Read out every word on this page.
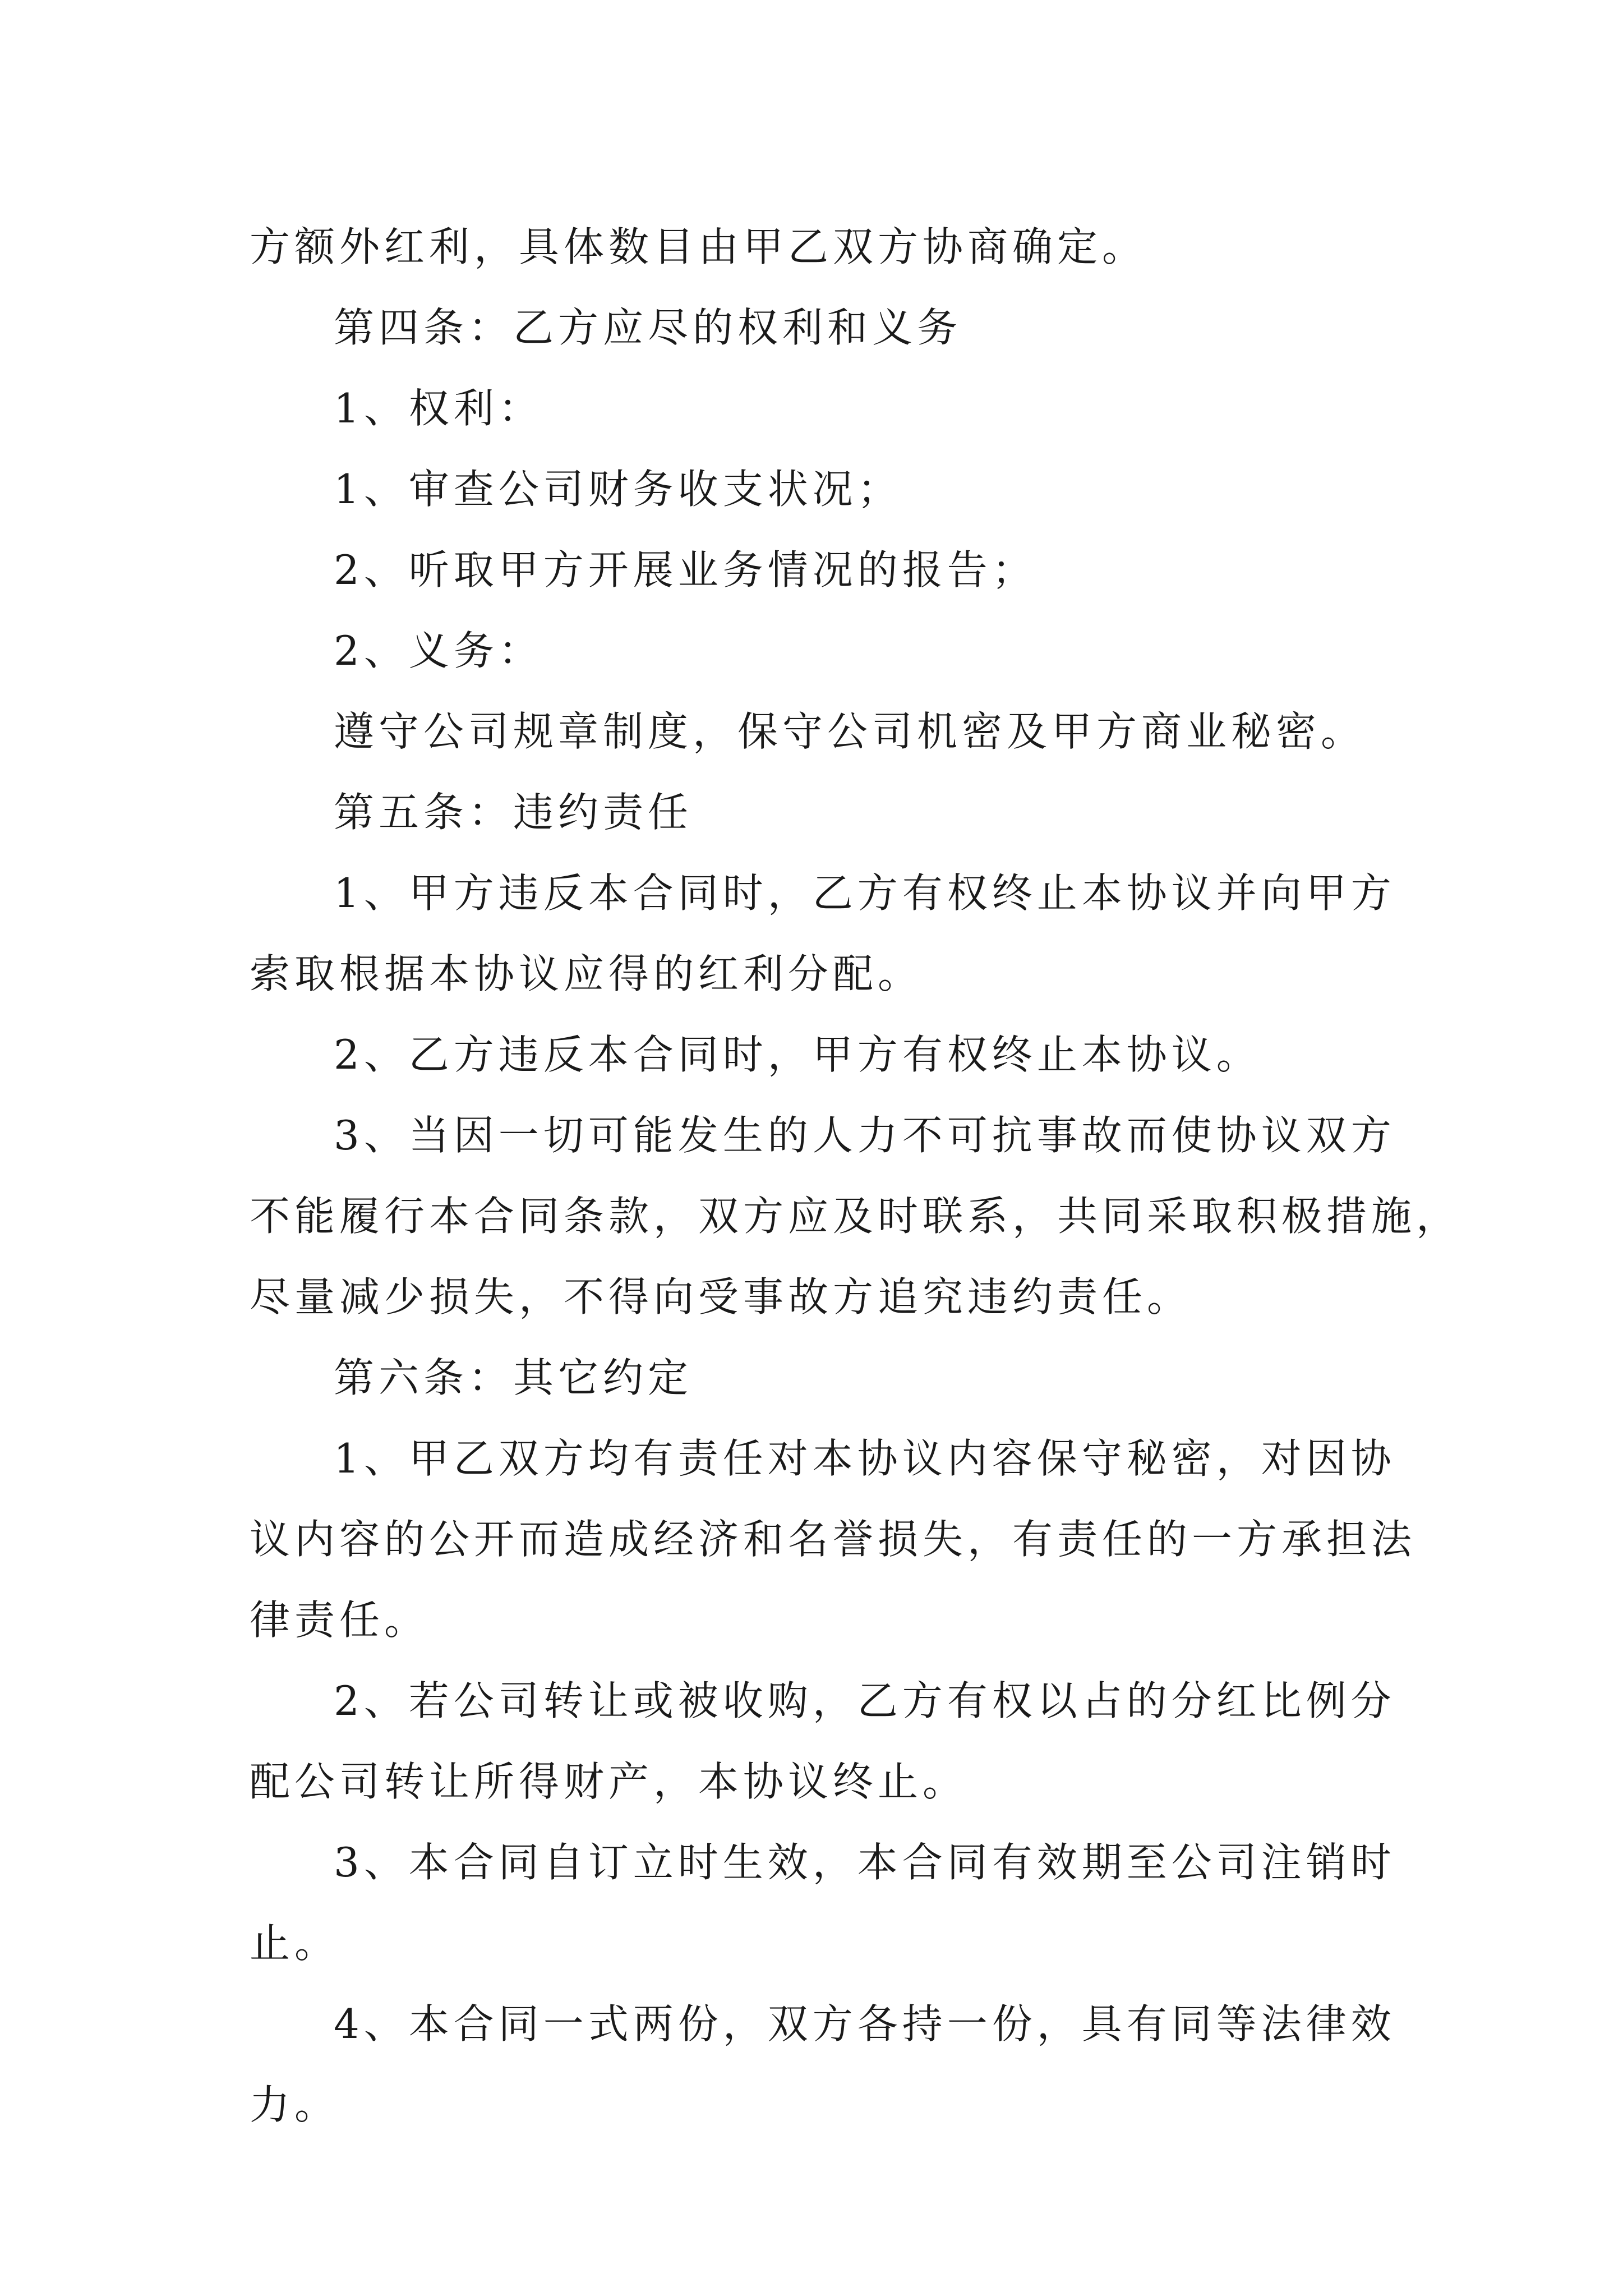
方额外红利，具体数目由甲乙双方协商确定。
第四条：乙方应尽的权利和义务
1、权利：
1、审查公司财务收支状况；
2、听取甲方开展业务情况的报告；
2、义务：
遵守公司规章制度，保守公司机密及甲方商业秘密。
第五条：违约责任
1、甲方违反本合同时，乙方有权终止本协议并向甲方
索取根据本协议应得的红利分配。
2、乙方违反本合同时，甲方有权终止本协议。
3、当因一切可能发生的人力不可抗事故而使协议双方
不能履行本合同条款，双方应及时联系，共同采取积极措施，
尽量减少损失，不得向受事故方追究违约责任。
第六条：其它约定
1、甲乙双方均有责任对本协议内容保守秘密，对因协
议内容的公开而造成经济和名誉损失，有责任的一方承担法
律责任。
2、若公司转让或被收购，乙方有权以占的分红比例分
配公司转让所得财产，本协议终止。
3、本合同自订立时生效，本合同有效期至公司注销时
止。
4、本合同一式两份，双方各持一份，具有同等法律效
力。
